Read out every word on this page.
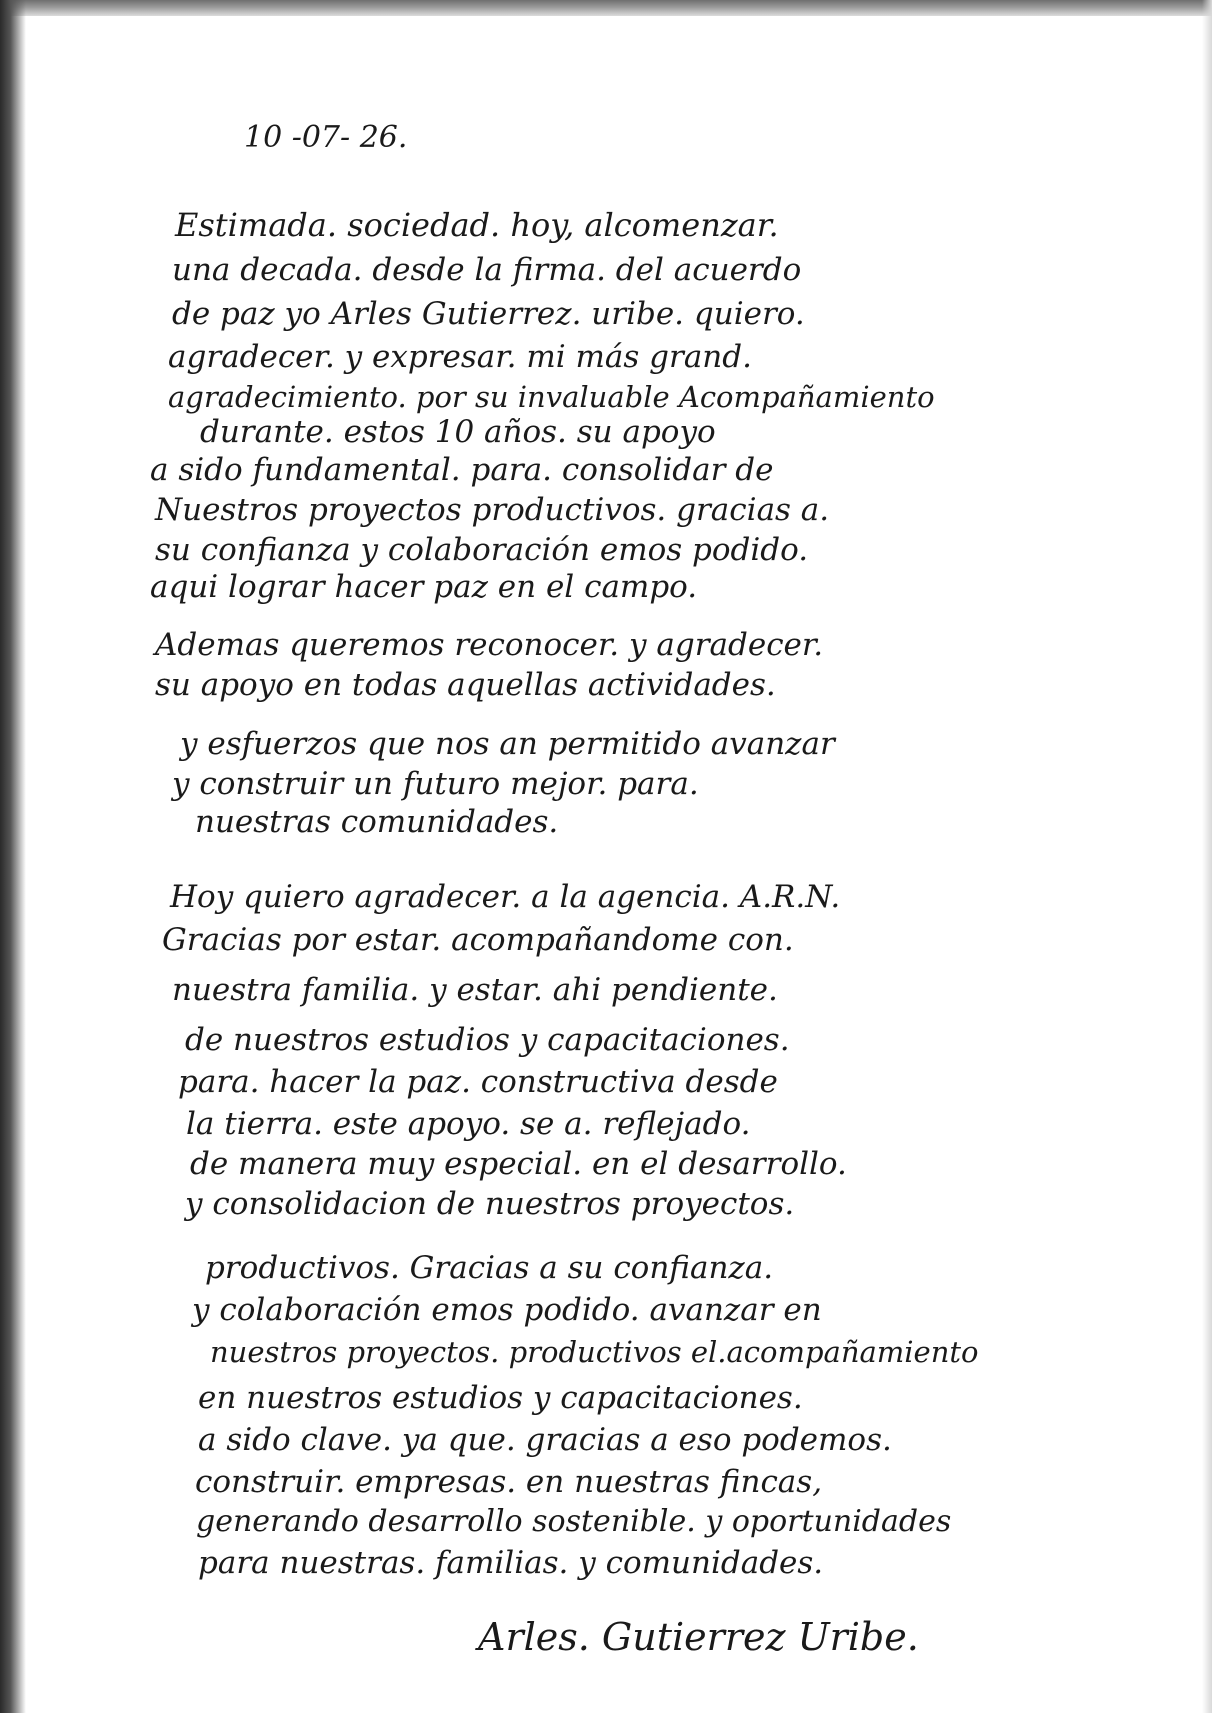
10 -07- 26.
Estimada. sociedad. hoy, alcomenzar.
una decada. desde la firma. del acuerdo
de paz yo Arles Gutierrez. uribe. quiero.
agradecer. y expresar. mi más grand.
agradecimiento. por su invaluable Acompañamiento
durante. estos 10 años. su apoyo
a sido fundamental. para. consolidar de
Nuestros proyectos productivos. gracias a.
su confianza y colaboración emos podido.
aqui lograr hacer paz en el campo.
Ademas queremos reconocer. y agradecer.
su apoyo en todas aquellas actividades.
y esfuerzos que nos an permitido avanzar
y construir un futuro mejor. para.
nuestras comunidades.
Hoy quiero agradecer. a la agencia. A.R.N.
Gracias por estar. acompañandome con.
nuestra familia. y estar. ahi pendiente.
de nuestros estudios y capacitaciones.
para. hacer la paz. constructiva desde
la tierra. este apoyo. se a. reflejado.
de manera muy especial. en el desarrollo.
y consolidacion de nuestros proyectos.
productivos. Gracias a su confianza.
y colaboración emos podido. avanzar en
nuestros proyectos. productivos el.acompañamiento
en nuestros estudios y capacitaciones.
a sido clave. ya que. gracias a eso podemos.
construir. empresas. en nuestras fincas,
generando desarrollo sostenible. y oportunidades
para nuestras. familias. y comunidades.
Arles. Gutierrez Uribe.
